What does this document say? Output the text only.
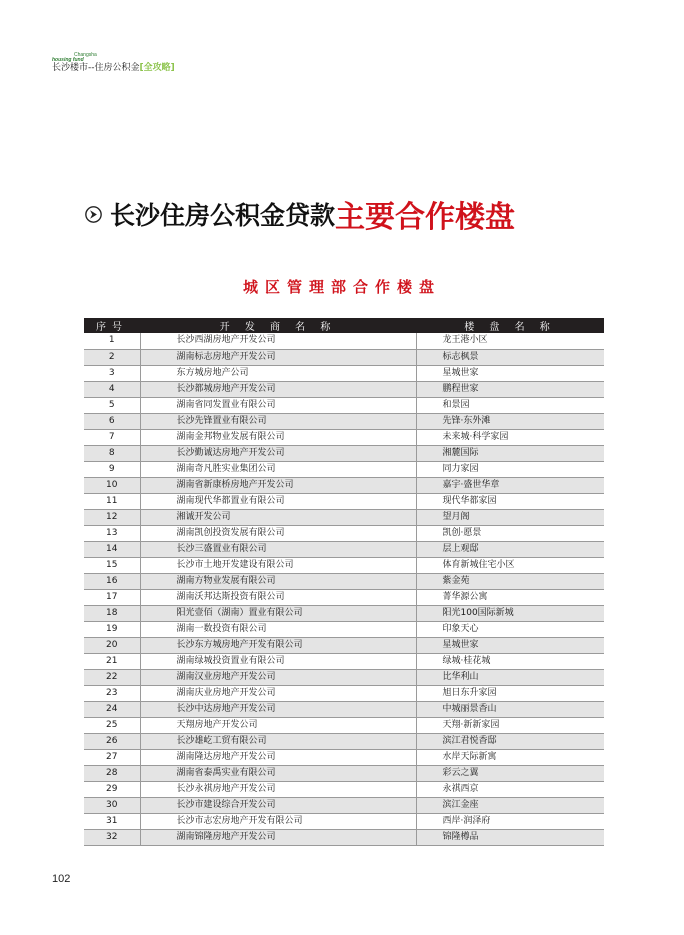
Changsha
housing fund
长沙楼市--住房公积金[全攻略]
长沙住房公积金贷款 主要合作楼盘
城区管理部合作楼盘
序号	开 发 商 名 称	楼 盘 名 称
1	长沙西湖房地产开发公司	龙王港小区
2	湖南标志房地产开发公司	标志枫景
3	东方城房地产公司	星城世家
4	长沙都城房地产开发公司	鹏程世家
5	湖南省同发置业有限公司	和景园
6	长沙先锋置业有限公司	先锋·东外滩
7	湖南金邦物业发展有限公司	未来城·科学家园
8	长沙勤诚达房地产开发公司	湘麓国际
9	湖南奇凡胜实业集团公司	同力家园
10	湖南省新康桥房地产开发公司	嘉宇·盛世华章
11	湖南现代华都置业有限公司	现代华都家园
12	湘诚开发公司	望月阁
13	湖南凯创投资发展有限公司	凯创·愿景
14	长沙三盛置业有限公司	层上观邸
15	长沙市土地开发建设有限公司	体育新城住宅小区
16	湖南方物业发展有限公司	紫金苑
17	湖南沃邦达斯投资有限公司	菁华源公寓
18	阳光壹佰（湖南）置业有限公司	阳光100国际新城
19	湖南一数投资有限公司	印象天心
20	长沙东方城房地产开发有限公司	星城世家
21	湖南绿城投资置业有限公司	绿城·桂花城
22	湖南汉业房地产开发公司	比华利山
23	湖南庆业房地产开发公司	旭日东升家园
24	长沙中达房地产开发公司	中城丽景香山
25	天翔房地产开发公司	天翔·新新家园
26	长沙雄屹工贸有限公司	滨江君悦香邸
27	湖南隆达房地产开发公司	水岸天际新寓
28	湖南省泰禹实业有限公司	彩云之翼
29	长沙永祺房地产开发公司	永祺西京
30	长沙市建设综合开发公司	滨江金座
31	长沙市志宏房地产开发有限公司	西岸·润泽府
32	湖南锦隆房地产开发公司	锦隆樽品
102
